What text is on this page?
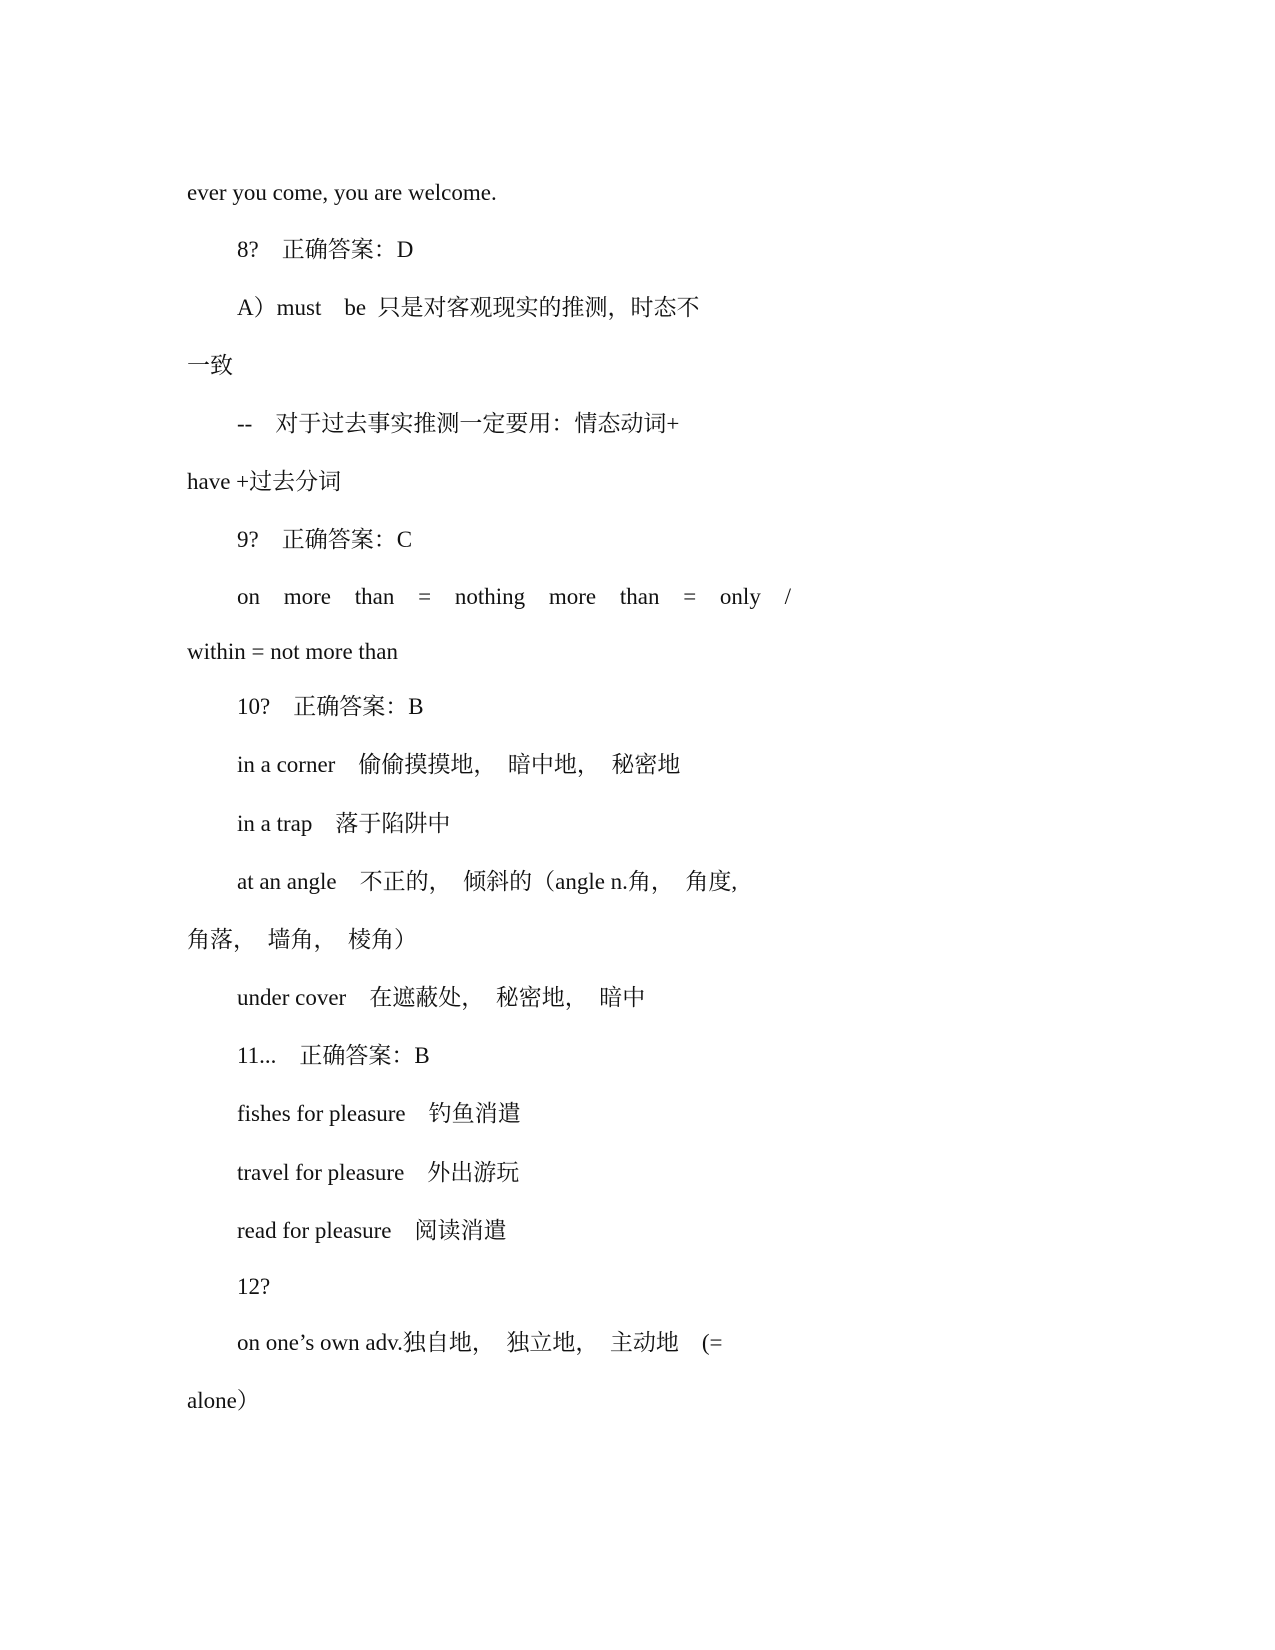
ever you come, you are welcome.
8?　正确答案：D
A）must　be  只是对客观现实的推测，时态不
一致
--　对于过去事实推测一定要用：情态动词+
have +过去分词
9?　正确答案：C
on more than = nothing more than = only /
within = not more than
10?　正确答案：B
in a corner　偷偷摸摸地，　暗中地，　秘密地
in a trap　落于陷阱中
at an angle　不正的，　倾斜的（angle n.角，　角度,
角落，　墙角，　棱角）
under cover　在遮蔽处，　秘密地，　暗中
11...　正确答案：B
fishes for pleasure　钓鱼消遣
travel for pleasure　外出游玩
read for pleasure　阅读消遣
12?
on one’s own adv.独自地，　独立地，　主动地　(=
alone）
